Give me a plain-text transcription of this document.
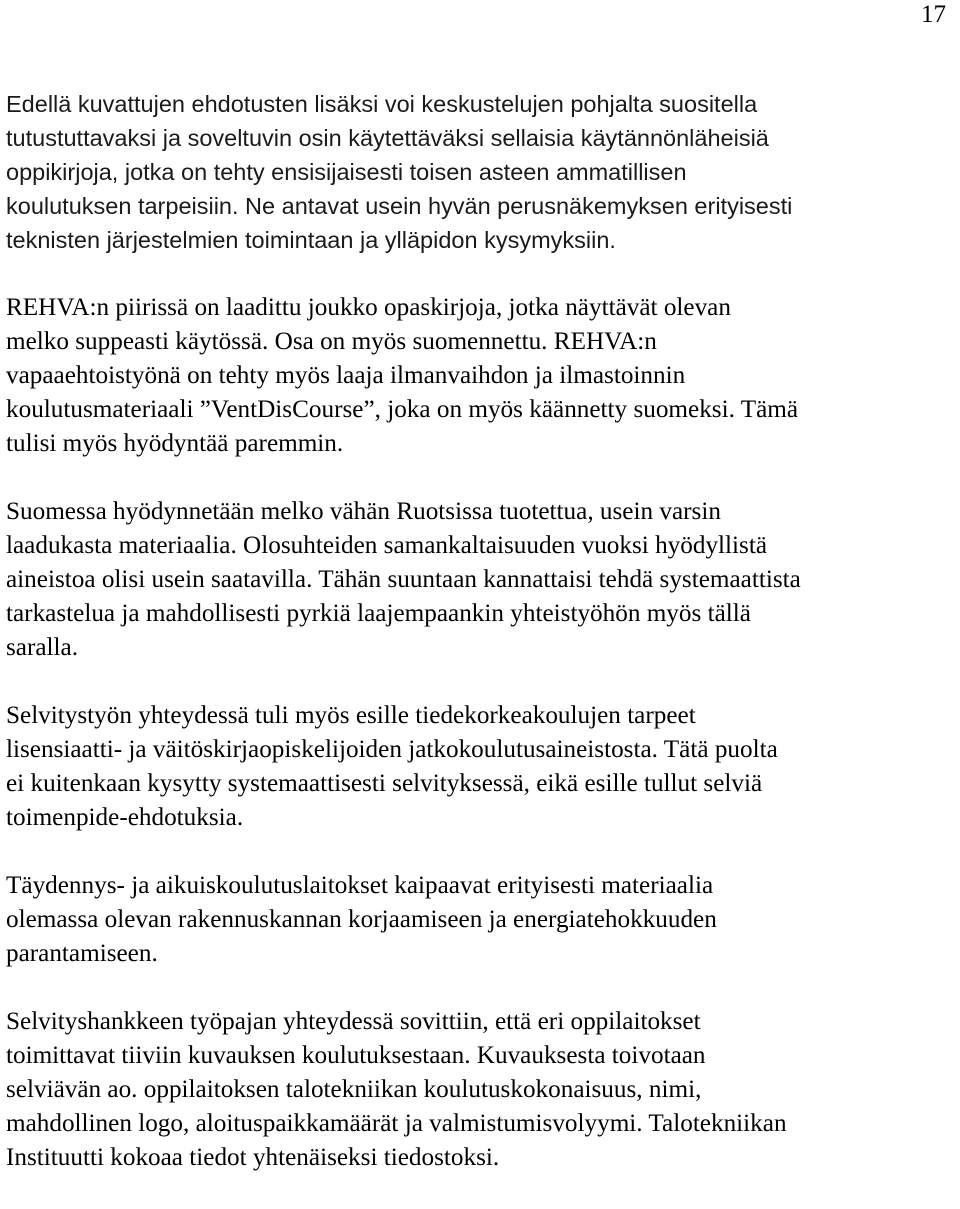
17

Edellä kuvattujen ehdotusten lisäksi voi keskustelujen pohjalta suositella
tutustuttavaksi ja soveltuvin osin käytettäväksi sellaisia käytännönläheisiä
oppikirjoja, jotka on tehty ensisijaisesti toisen asteen ammatillisen
koulutuksen tarpeisiin. Ne antavat usein hyvän perusnäkemyksen erityisesti
teknisten järjestelmien toimintaan ja ylläpidon kysymyksiin.

REHVA:n piirissä on laadittu joukko opaskirjoja, jotka näyttävät olevan
melko suppeasti käytössä. Osa on myös suomennettu. REHVA:n
vapaaehtoistyönä on tehty myös laaja ilmanvaihdon ja ilmastoinnin
koulutusmateriaali ”VentDisCourse”, joka on myös käännetty suomeksi. Tämä
tulisi myös hyödyntää paremmin.

Suomessa hyödynnetään melko vähän Ruotsissa tuotettua, usein varsin
laadukasta materiaalia. Olosuhteiden samankaltaisuuden vuoksi hyödyllistä
aineistoa olisi usein saatavilla. Tähän suuntaan kannattaisi tehdä systemaattista
tarkastelua ja mahdollisesti pyrkiä laajempaankin yhteistyöhön myös tällä
saralla.

Selvitystyön yhteydessä tuli myös esille tiedekorkeakoulujen tarpeet
lisensiaatti- ja väitöskirjaopiskelijoiden jatkokoulutusaineistosta. Tätä puolta
ei kuitenkaan kysytty systemaattisesti selvityksessä, eikä esille tullut selviä
toimenpide-ehdotuksia.

Täydennys- ja aikuiskoulutuslaitokset kaipaavat erityisesti materiaalia
olemassa olevan rakennuskannan korjaamiseen ja energiatehokkuuden
parantamiseen.

Selvityshankkeen työpajan yhteydessä sovittiin, että eri oppilaitokset
toimittavat tiiviin kuvauksen koulutuksestaan. Kuvauksesta toivotaan
selviävän ao. oppilaitoksen talotekniikan koulutuskokonaisuus, nimi,
mahdollinen logo, aloituspaikkamäärät ja valmistumisvolyymi. Talotekniikan
Instituutti kokoaa tiedot yhtenäiseksi tiedostoksi.
